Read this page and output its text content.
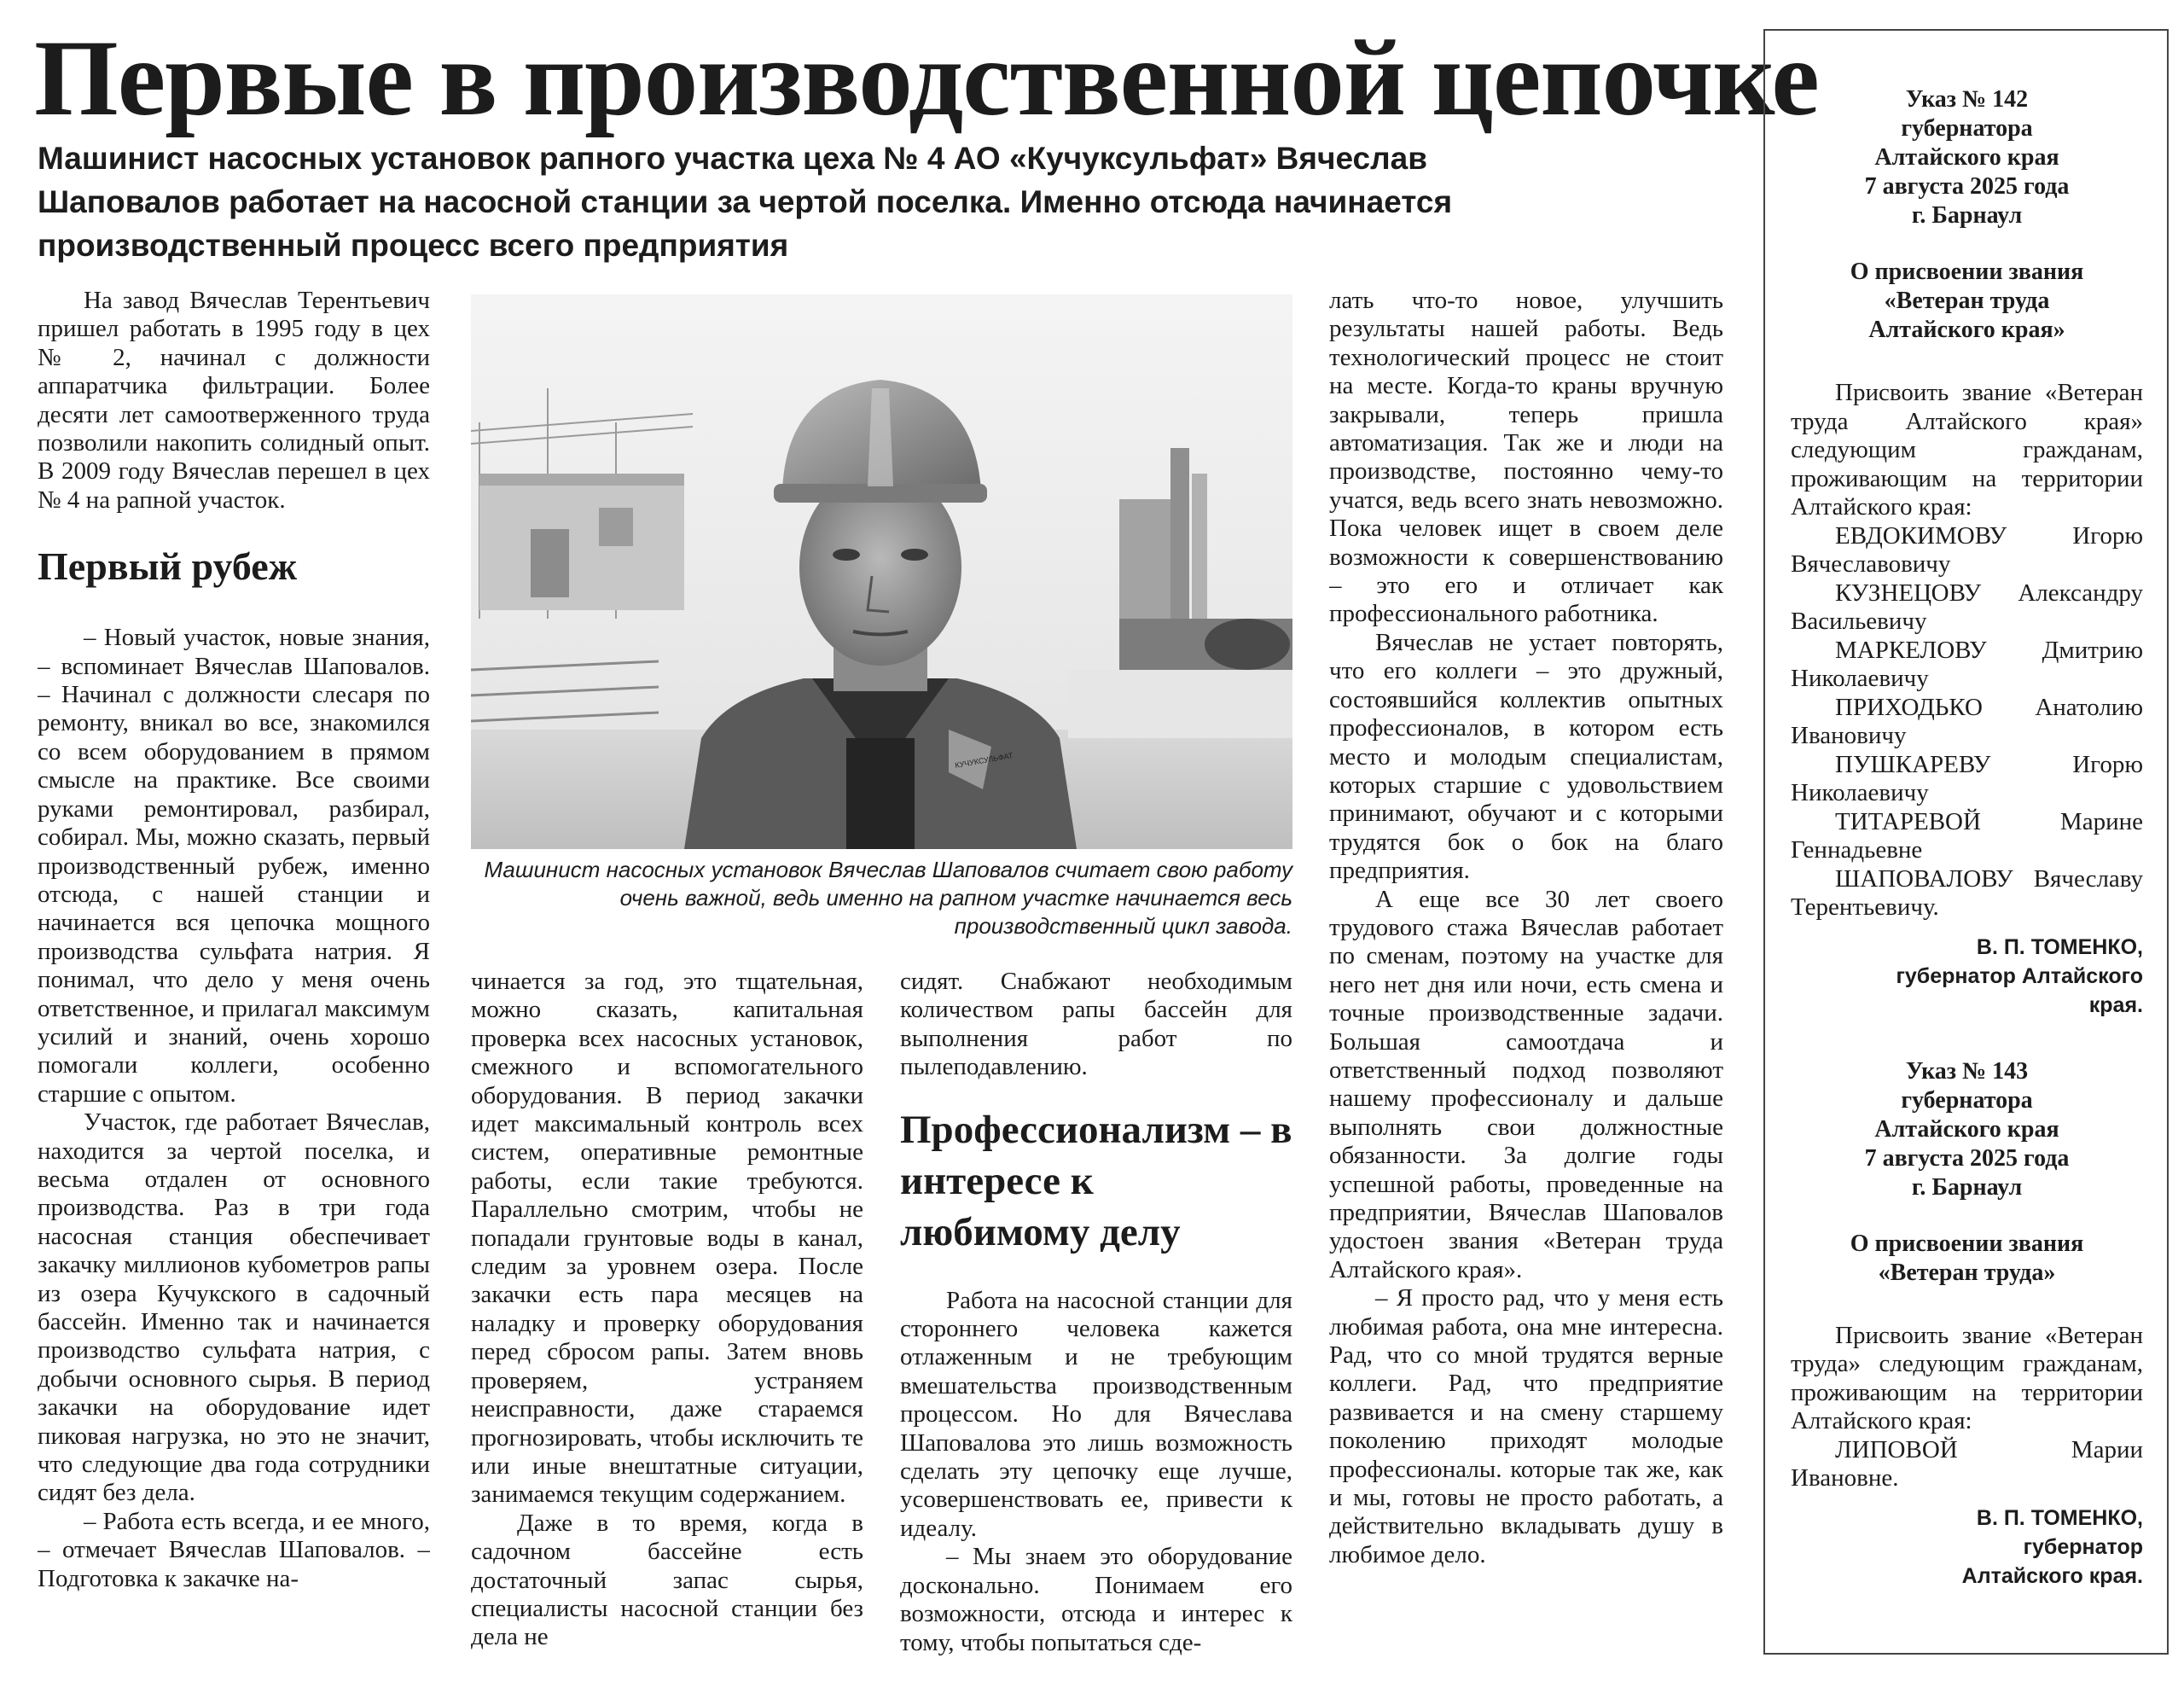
Первые в производственной цепочке

Машинист насосных установок рапного участка цеха № 4 АО «Кучуксульфат» Вячеслав Шаповалов работает на насосной станции за чертой поселка. Именно отсюда начинается производственный процесс всего предприятия

На завод Вячеслав Терентьевич пришел работать в 1995 году в цех № 2, начинал с должности аппаратчика фильтрации. Более десяти лет самоотверженного труда позволили накопить солидный опыт. В 2009 году Вячеслав перешел в цех № 4 на рапной участок.

Первый рубеж

– Новый участок, новые знания, – вспоминает Вячеслав Шаповалов. – Начинал с должности слесаря по ремонту, вникал во все, знакомился со всем оборудованием в прямом смысле на практике. Все своими руками ремонтировал, разбирал, собирал. Мы, можно сказать, первый производственный рубеж, именно отсюда, с нашей станции и начинается вся цепочка мощного производства сульфата натрия. Я понимал, что дело у меня очень ответственное, и прилагал максимум усилий и знаний, очень хорошо помогали коллеги, особенно старшие с опытом.

Участок, где работает Вячеслав, находится за чертой поселка, и весьма отдален от основного производства. Раз в три года насосная станция обеспечивает закачку миллионов кубометров рапы из озера Кучукского в садочный бассейн. Именно так и начинается производство сульфата натрия, с добычи основного сырья. В период закачки на оборудование идет пиковая нагрузка, но это не значит, что следующие два года сотрудники сидят без дела.

– Работа есть всегда, и ее много, – отмечает Вячеслав Шаповалов. – Подготовка к закачке на-

КУЧУКСУЛЬФАТ

Машинист насосных установок Вячеслав Шаповалов считает свою работу очень важной, ведь именно на рапном участке начинается весь производственный цикл завода.

чинается за год, это тщательная, можно сказать, капитальная проверка всех насосных установок, смежного и вспомогательного оборудования. В период закачки идет максимальный контроль всех систем, оперативные ремонтные работы, если такие требуются. Параллельно смотрим, чтобы не попадали грунтовые воды в канал, следим за уровнем озера. После закачки есть пара месяцев на наладку и проверку оборудования перед сбросом рапы. Затем вновь проверяем, устраняем неисправности, даже стараемся прогнозировать, чтобы исключить те или иные внештатные ситуации, занимаемся текущим содержанием.

Даже в то время, когда в садочном бассейне есть достаточный запас сырья, специалисты насосной станции без дела не

сидят. Снабжают необходимым количеством рапы бассейн для выполнения работ по пылеподавлению.

Профессионализм – в интересе к любимому делу

Работа на насосной станции для стороннего человека кажется отлаженным и не требующим вмешательства производственным процессом. Но для Вячеслава Шаповалова это лишь возможность сделать эту цепочку еще лучше, усовершенствовать ее, привести к идеалу.

– Мы знаем это оборудование досконально. Понимаем его возможности, отсюда и интерес к тому, чтобы попытаться сде-

лать что-то новое, улучшить результаты нашей работы. Ведь технологический процесс не стоит на месте. Когда-то краны вручную закрывали, теперь пришла автоматизация. Так же и люди на производстве, постоянно чему-то учатся, ведь всего знать невозможно. Пока человек ищет в своем деле возможности к совершенствованию – это его и отличает как профессионального работника.

Вячеслав не устает повторять, что его коллеги – это дружный, состоявшийся коллектив опытных профессионалов, в котором есть место и молодым специалистам, которых старшие с удовольствием принимают, обучают и с которыми трудятся бок о бок на благо предприятия.

А еще все 30 лет своего трудового стажа Вячеслав работает по сменам, поэтому на участке для него нет дня или ночи, есть смена и точные производственные задачи. Большая самоотдача и ответственный подход позволяют нашему профессионалу и дальше выполнять свои должностные обязанности. За долгие годы успешной работы, проведенные на предприятии, Вячеслав Шаповалов удостоен звания «Ветеран труда Алтайского края».

– Я просто рад, что у меня есть любимая работа, она мне интересна. Рад, что со мной трудятся верные коллеги. Рад, что предприятие развивается и на смену старшему поколению приходят молодые профессионалы. которые так же, как и мы, готовы не просто работать, а действительно вкладывать душу в любимое дело.

Указ № 142
губернатора
Алтайского края
7 августа 2025 года
г. Барнаул

О присвоении звания
«Ветеран труда
Алтайского края»

Присвоить звание «Ветеран труда Алтайского края» следующим гражданам, проживающим на территории Алтайского края:

ЕВДОКИМОВУ Игорю Вячеславовичу

КУЗНЕЦОВУ Александру Васильевичу

МАРКЕЛОВУ Дмитрию Николаевичу

ПРИХОДЬКО Анатолию Ивановичу

ПУШКАРЕВУ Игорю Николаевичу

ТИТАРЕВОЙ Марине Геннадьевне

ШАПОВАЛОВУ Вячеславу Терентьевичу.

В. П. ТОМЕНКО,
губернатор Алтайского
края.

Указ № 143
губернатора
Алтайского края
7 августа 2025 года
г. Барнаул

О присвоении звания
«Ветеран труда»

Присвоить звание «Ветеран труда» следующим гражданам, проживающим на территории Алтайского края:

ЛИПОВОЙ Марии Ивановне.

В. П. ТОМЕНКО,
губернатор
Алтайского края.
